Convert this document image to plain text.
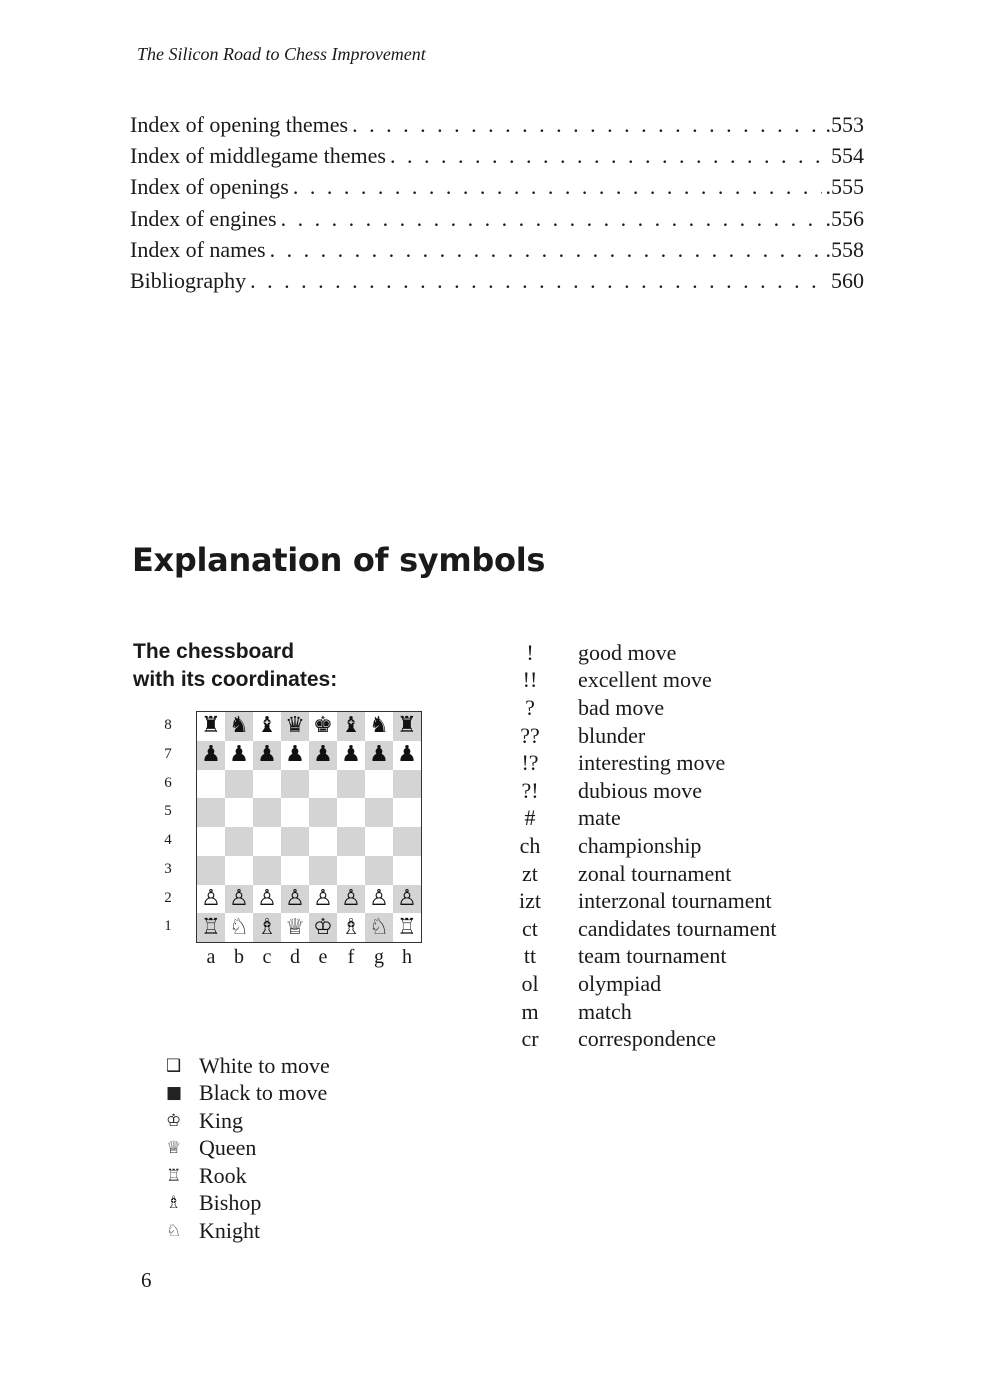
The Silicon Road to Chess Improvement
Index of opening themes . . .	.553
Index of middlegame themes . . .	554
Index of openings . . .	.555
Index of engines . . .	.556
Index of names . . .	.558
Bibliography . . .	560
Explanation of symbols
The chessboard
with its coordinates:
8
7
6
5
4
3
2
1
♜ ♞ ♝ ♛ ♚ ♝ ♞ ♜
♟ ♟ ♟ ♟ ♟ ♟ ♟ ♟
♙ ♙ ♙ ♙ ♙ ♙ ♙ ♙
♖ ♘ ♗ ♕ ♔ ♗ ♘ ♖
a b c d e	f g h
❑ White to move
■ Black to move
♔ King
♕ Queen
♖ Rook
♗ Bishop
♘ Knight
!	good move
!!	excellent move
?	bad move
??	blunder
!?	interesting move
?!	dubious move
#	mate
ch	championship
zt	zonal tournament
izt	interzonal tournament
ct	candidates tournament
tt	team tournament
ol	olympiad
m	match
cr	correspondence
6
